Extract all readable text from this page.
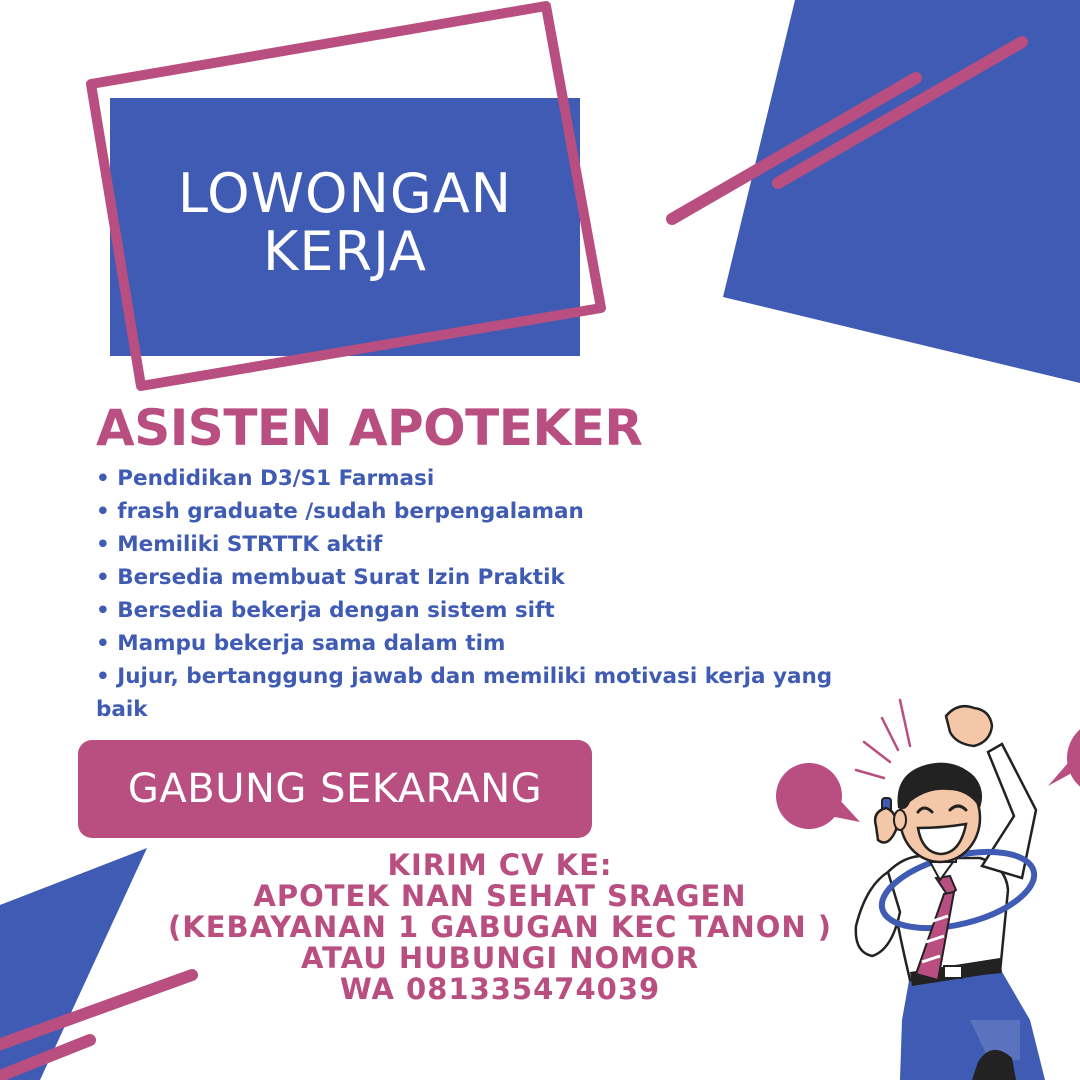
LOWONGAN
KERJA
ASISTEN APOTEKER
• Pendidikan D3/S1 Farmasi
• frash graduate /sudah berpengalaman
• Memiliki STRTTK aktif
• Bersedia membuat Surat Izin Praktik
• Bersedia bekerja dengan sistem sift
• Mampu bekerja sama dalam tim
• Jujur, bertanggung jawab dan memiliki motivasi kerja yang baik
GABUNG SEKARANG
KIRIM CV KE:
APOTEK NAN SEHAT SRAGEN
(KEBAYANAN 1 GABUGAN KEC TANON )
ATAU HUBUNGI NOMOR
WA 081335474039
